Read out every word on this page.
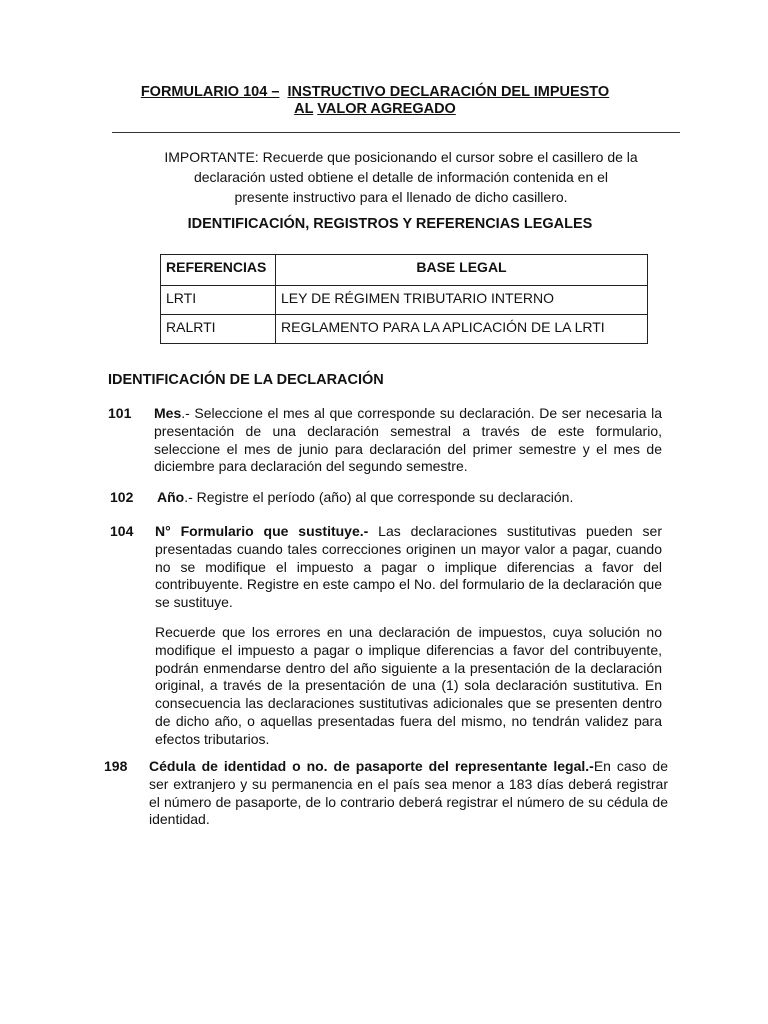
FORMULARIO 104 – INSTRUCTIVO DECLARACIÓN DEL IMPUESTO
AL VALOR AGREGADO
IMPORTANTE: Recuerde que posicionando el cursor sobre el casillero de la
declaración usted obtiene el detalle de información contenida en el
presente instructivo para el llenado de dicho casillero.
IDENTIFICACIÓN, REGISTROS Y REFERENCIAS LEGALES
REFERENCIAS	BASE LEGAL
LRTI	LEY DE RÉGIMEN TRIBUTARIO INTERNO
RALRTI	REGLAMENTO PARA LA APLICACIÓN DE LA LRTI
IDENTIFICACIÓN DE LA DECLARACIÓN
101 Mes.- Seleccione el mes al que corresponde su declaración. De ser necesaria la presentación de una declaración semestral a través de este formulario, seleccione el mes de junio para declaración del primer semestre y el mes de diciembre para declaración del segundo semestre.
102 Año.- Registre el período (año) al que corresponde su declaración.
104 N° Formulario que sustituye.- Las declaraciones sustitutivas pueden ser presentadas cuando tales correcciones originen un mayor valor a pagar, cuando no se modifique el impuesto a pagar o implique diferencias a favor del contribuyente. Registre en este campo el No. del formulario de la declaración que se sustituye.
Recuerde que los errores en una declaración de impuestos, cuya solución no modifique el impuesto a pagar o implique diferencias a favor del contribuyente, podrán enmendarse dentro del año siguiente a la presentación de la declaración original, a través de la presentación de una (1) sola declaración sustitutiva. En consecuencia las declaraciones sustitutivas adicionales que se presenten dentro de dicho año, o aquellas presentadas fuera del mismo, no tendrán validez para efectos tributarios.
198 Cédula de identidad o no. de pasaporte del representante legal.-En caso de ser extranjero y su permanencia en el país sea menor a 183 días deberá registrar el número de pasaporte, de lo contrario deberá registrar el número de su cédula de identidad.
